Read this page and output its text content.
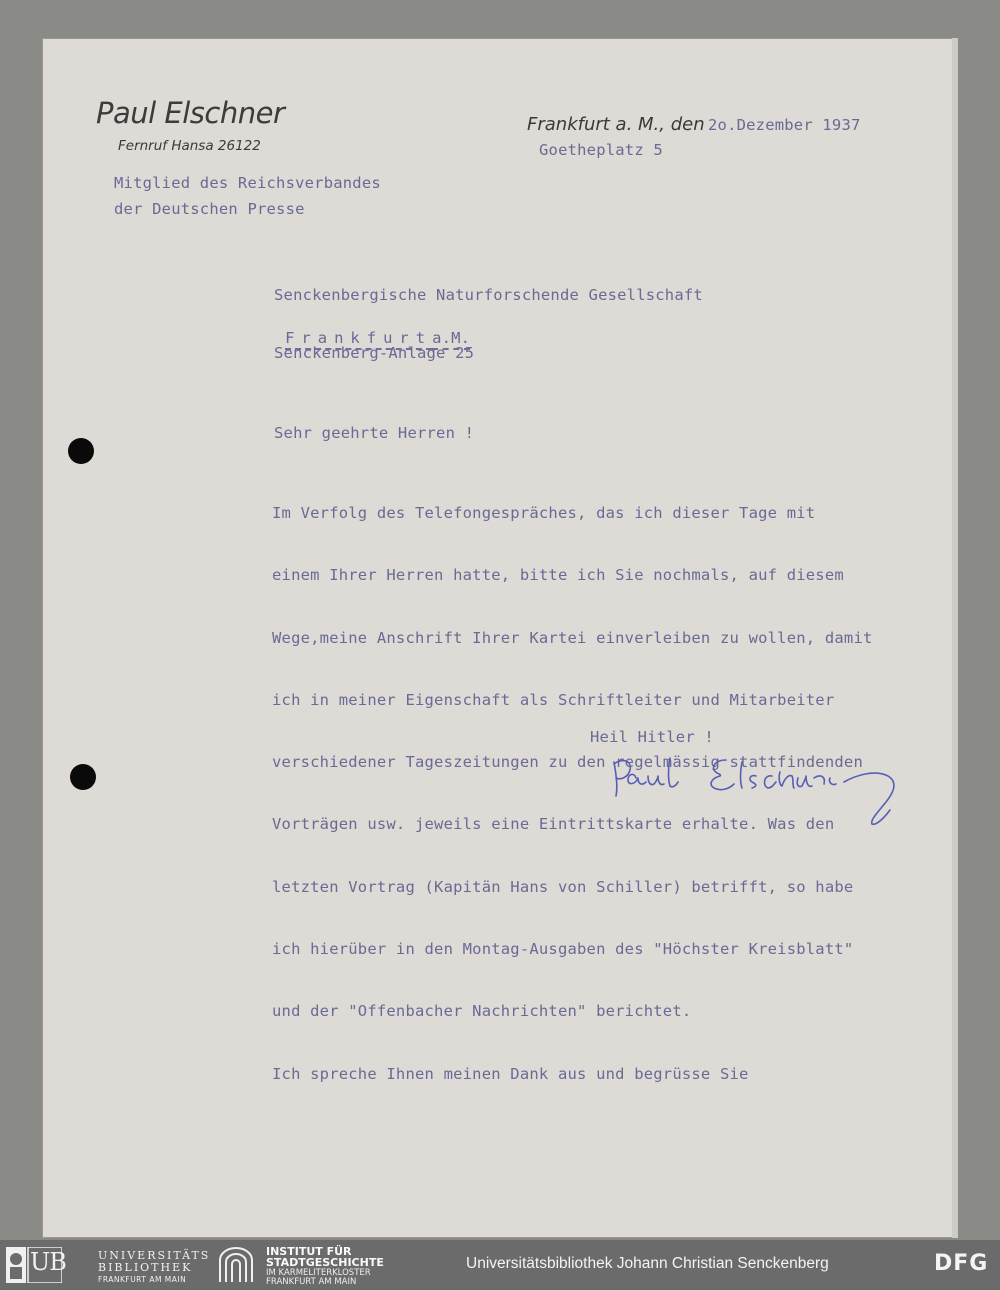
Paul Elschner
Fernruf Hansa 26122
Frankfurt a. M., den 2o.Dezember 1937
Goetheplatz 5
Mitglied des Reichsverbandes
der Deutschen Presse
Senckenbergische Naturforschende Gesellschaft

Frankfurta.M.

Senckenberg-Anlage 25
Sehr geehrte Herren !

Im Verfolg des Telefongespräches, das ich dieser Tage mit

einem Ihrer Herren hatte, bitte ich Sie nochmals, auf diesem

Wege,meine Anschrift Ihrer Kartei einverleiben zu wollen, damit

ich in meiner Eigenschaft als Schriftleiter und Mitarbeiter

verschiedener Tageszeitungen zu den regelmässig stattfindenden

Vorträgen usw. jeweils eine Eintrittskarte erhalte. Was den

letzten Vortrag (Kapitän Hans von Schiller) betrifft, so habe

ich hierüber in den Montag-Ausgaben des "Höchster Kreisblatt"

und der "Offenbacher Nachrichten" berichtet.

Ich spreche Ihnen meinen Dank aus und begrüsse Sie

Heil Hitler !
UB	UNIVERSITÄTS
BIBLIOTHEK
FRANKFURT AM MAIN
INSTITUT FÜR
STADTGESCHICHTE
IM KARMELITERKLOSTER
FRANKFURT AM MAIN
Universitätsbibliothek Johann Christian Senckenberg	DFG
